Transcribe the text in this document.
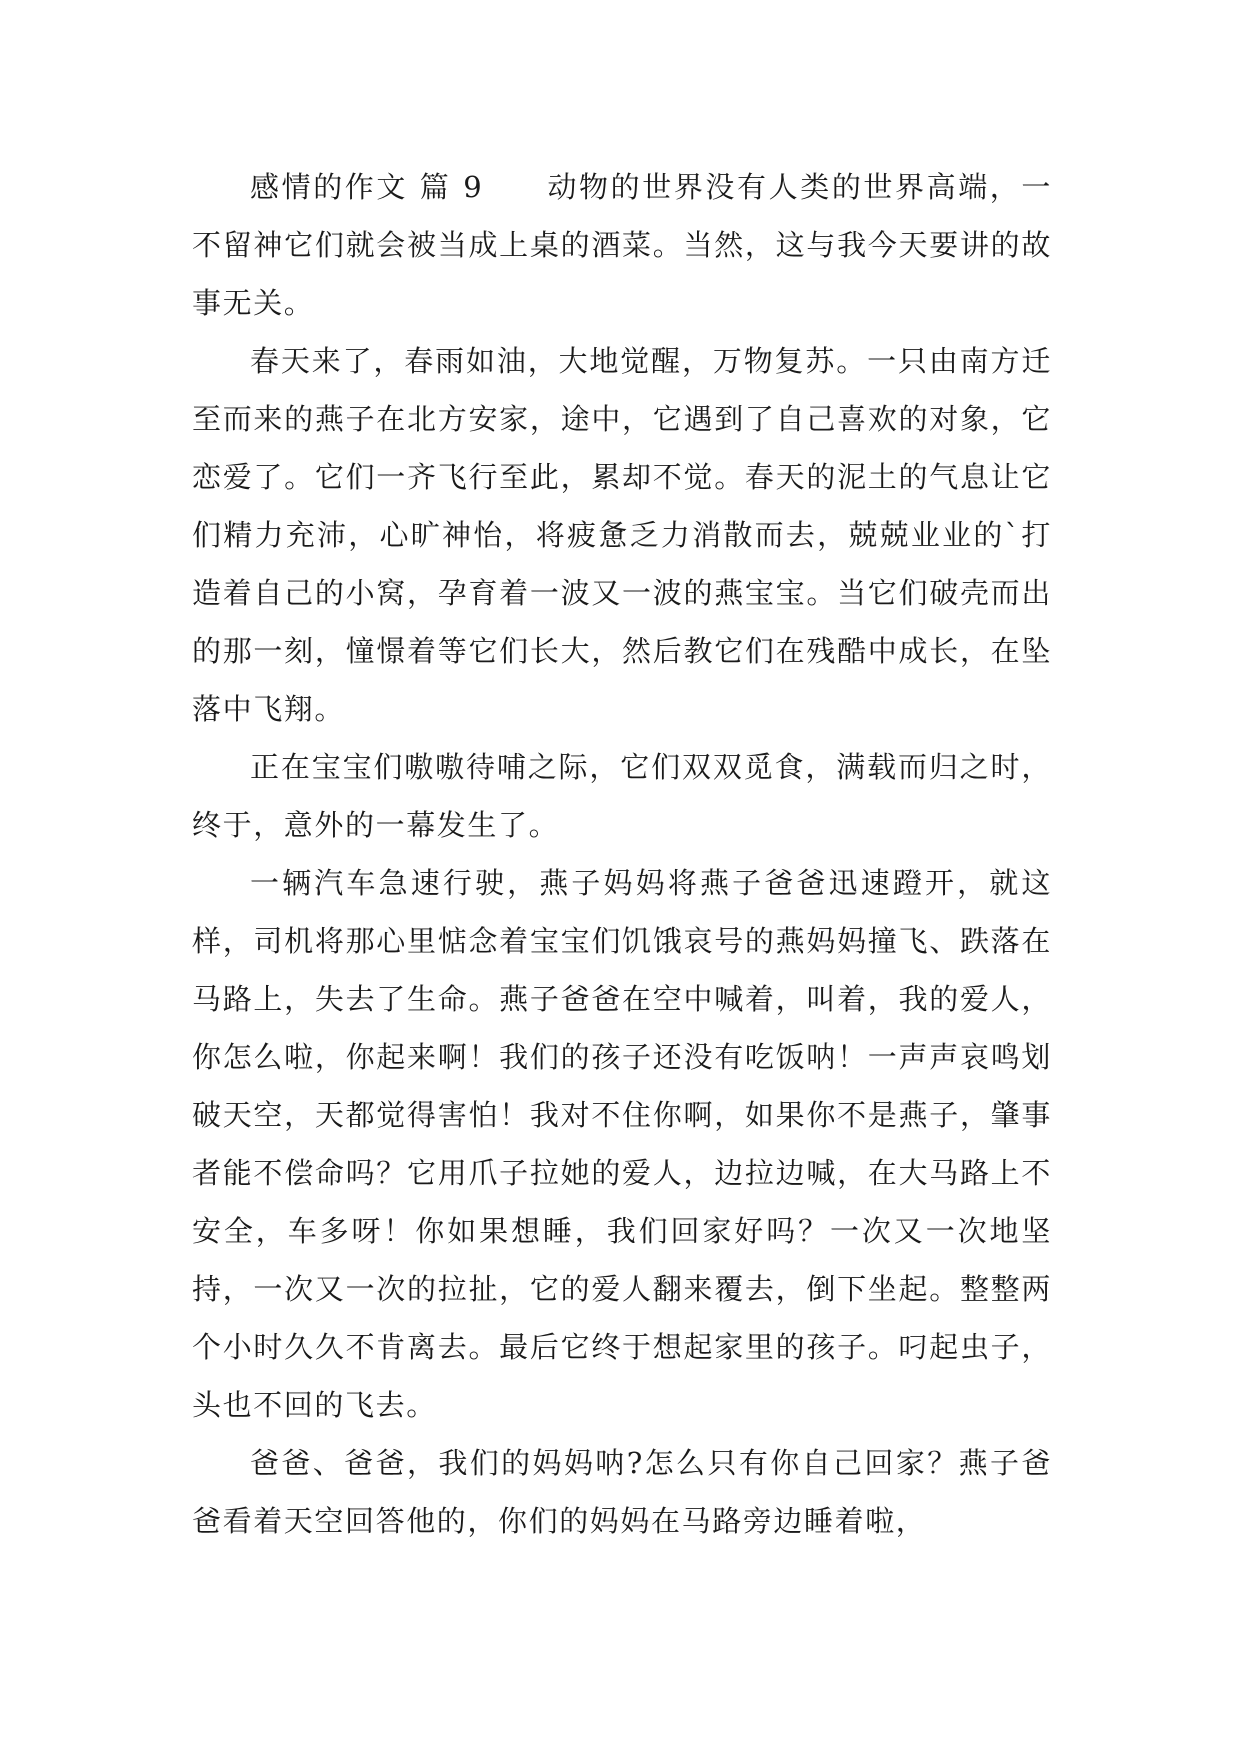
感情的作文 篇 9　　动物的世界没有人类的世界高端，一不留神它们就会被当成上桌的酒菜。当然，这与我今天要讲的故事无关。

春天来了，春雨如油，大地觉醒，万物复苏。一只由南方迁至而来的燕子在北方安家，途中，它遇到了自己喜欢的对象，它恋爱了。它们一齐飞行至此，累却不觉。春天的泥土的气息让它们精力充沛，心旷神怡，将疲惫乏力消散而去，兢兢业业的`打造着自己的小窝，孕育着一波又一波的燕宝宝。当它们破壳而出的那一刻，憧憬着等它们长大，然后教它们在残酷中成长，在坠落中飞翔。

正在宝宝们嗷嗷待哺之际，它们双双觅食，满载而归之时，终于，意外的一幕发生了。

一辆汽车急速行驶，燕子妈妈将燕子爸爸迅速蹬开，就这样，司机将那心里惦念着宝宝们饥饿哀号的燕妈妈撞飞、跌落在马路上，失去了生命。燕子爸爸在空中喊着，叫着，我的爱人，你怎么啦，你起来啊！我们的孩子还没有吃饭呐！一声声哀鸣划破天空，天都觉得害怕！我对不住你啊，如果你不是燕子，肇事者能不偿命吗？它用爪子拉她的爱人，边拉边喊，在大马路上不安全，车多呀！你如果想睡，我们回家好吗？一次又一次地坚持，一次又一次的拉扯，它的爱人翻来覆去，倒下坐起。整整两个小时久久不肯离去。最后它终于想起家里的孩子。叼起虫子，头也不回的飞去。

爸爸、爸爸，我们的妈妈呐?怎么只有你自己回家？燕子爸爸看着天空回答他的，你们的妈妈在马路旁边睡着啦，
